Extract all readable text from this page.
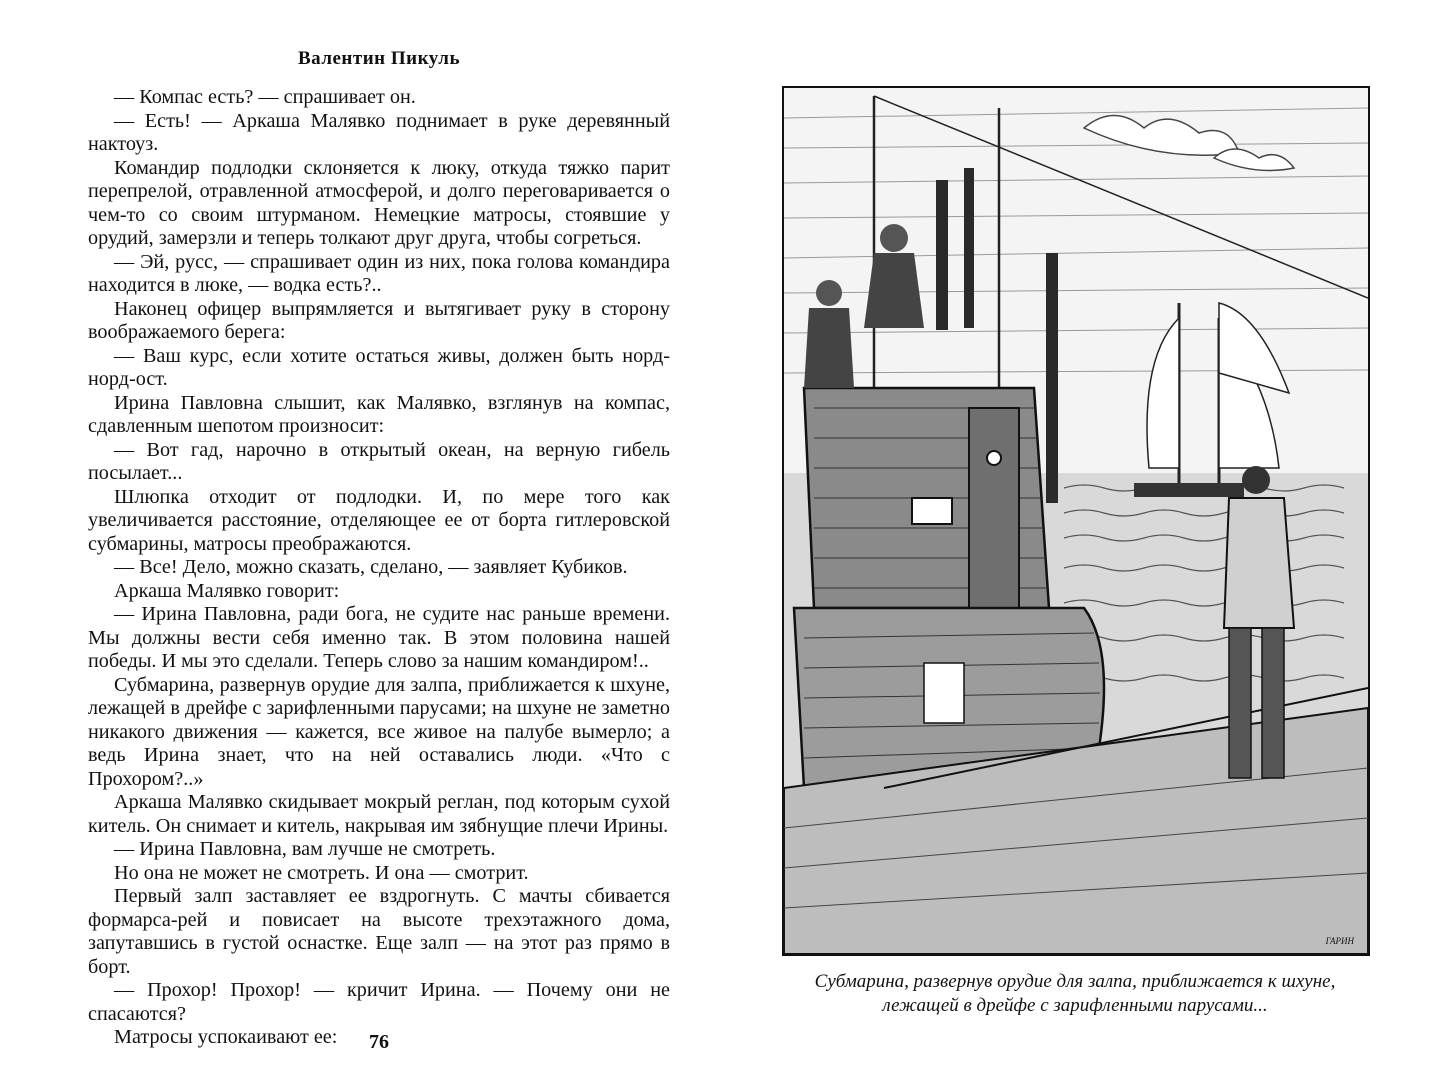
Валентин Пикуль

— Компас есть? — спрашивает он.

— Есть! — Аркаша Малявко поднимает в руке деревянный нактоуз.

Командир подлодки склоняется к люку, откуда тяжко парит перепрелой, отравленной атмосферой, и долго переговаривается о чем-то со своим штурманом. Немецкие матросы, стоявшие у орудий, замерзли и теперь толкают друг друга, чтобы согреться.

— Эй, русс, — спрашивает один из них, пока голова командира находится в люке, — водка есть?..

Наконец офицер выпрямляется и вытягивает руку в сторону воображаемого берега:

— Ваш курс, если хотите остаться живы, должен быть норд-норд-ост.

Ирина Павловна слышит, как Малявко, взглянув на компас, сдавленным шепотом произносит:

— Вот гад, нарочно в открытый океан, на верную гибель посылает...

Шлюпка отходит от подлодки. И, по мере того как увеличивается расстояние, отделяющее ее от борта гитлеровской субмарины, матросы преображаются.

— Все! Дело, можно сказать, сделано, — заявляет Кубиков.

Аркаша Малявко говорит:

— Ирина Павловна, ради бога, не судите нас раньше времени. Мы должны вести себя именно так. В этом половина нашей победы. И мы это сделали. Теперь слово за нашим командиром!..

Субмарина, развернув орудие для залпа, приближается к шхуне, лежащей в дрейфе с зарифленными парусами; на шхуне не заметно никакого движения — кажется, все живое на палубе вымерло; а ведь Ирина знает, что на ней оставались люди. «Что с Прохором?..»

Аркаша Малявко скидывает мокрый реглан, под которым сухой китель. Он снимает и китель, накрывая им зябнущие плечи Ирины.

— Ирина Павловна, вам лучше не смотреть.

Но она не может не смотреть. И она — смотрит.

Первый залп заставляет ее вздрогнуть. С мачты сбивается формарса-рей и повисает на высоте трехэтажного дома, запутавшись в густой оснастке. Еще залп — на этот раз прямо в борт.

— Прохор! Прохор! — кричит Ирина. — Почему они не спасаются?

Матросы успокаивают ее:	76
ГАРИН
Субмарина, развернув орудие для залпа, приближается к шхуне,
лежащей в дрейфе с зарифленными парусами...
